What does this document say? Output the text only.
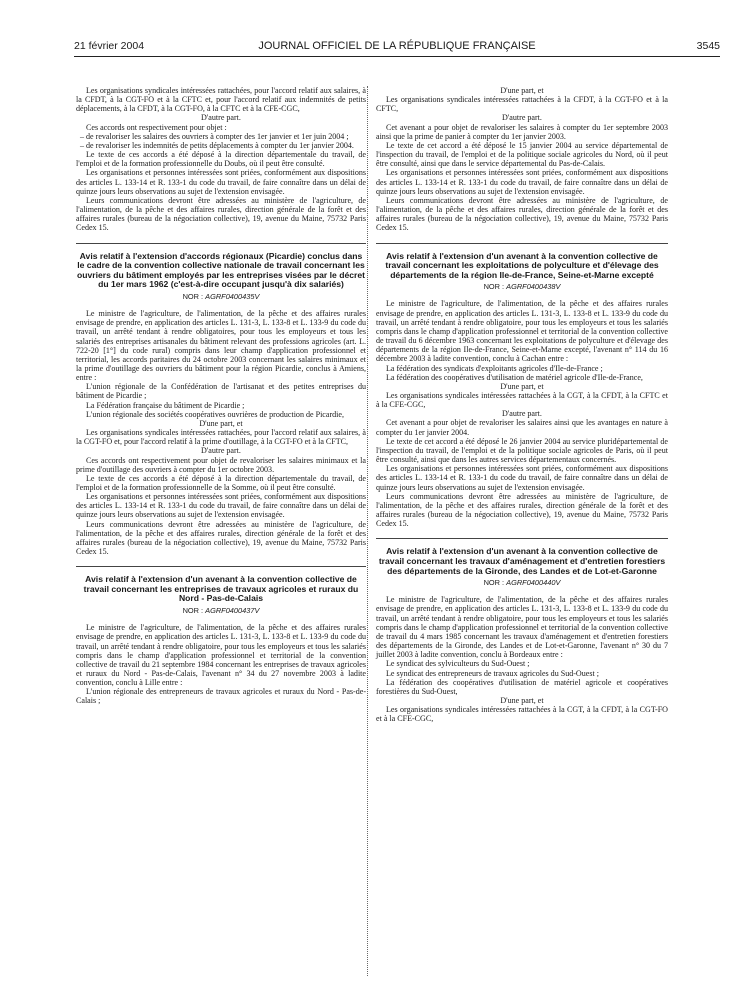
21 février 2004	JOURNAL OFFICIEL DE LA RÉPUBLIQUE FRANÇAISE	3545

Les organisations syndicales intéressées rattachées, pour l'accord relatif aux salaires, à la CFDT, à la CGT-FO et à la CFTC et, pour l'accord relatif aux indemnités de petits déplacements, à la CFDT, à la CGT-FO, à la CFTC et à la CFE-CGC,

D'autre part.

Ces accords ont respectivement pour objet :

– de revaloriser les salaires des ouvriers à compter des 1er janvier et 1er juin 2004 ;

– de revaloriser les indemnités de petits déplacements à compter du 1er janvier 2004.

Le texte de ces accords a été déposé à la direction départementale du travail, de l'emploi et de la formation professionnelle du Doubs, où il peut être consulté.

Les organisations et personnes intéressées sont priées, conformément aux dispositions des articles L. 133-14 et R. 133-1 du code du travail, de faire connaître dans un délai de quinze jours leurs observations au sujet de l'extension envisagée.

Leurs communications devront être adressées au ministère de l'agriculture, de l'alimentation, de la pêche et des affaires rurales, direction générale de la forêt et des affaires rurales (bureau de la négociation collective), 19, avenue du Maine, 75732 Paris Cedex 15.

Avis relatif à l'extension d'accords régionaux (Picardie) conclus dans le cadre de la convention collective nationale de travail concernant les ouvriers du bâtiment employés par les entreprises visées par le décret du 1er mars 1962 (c'est-à-dire occupant jusqu'à dix salariés)
NOR : AGRF0400435V

Le ministre de l'agriculture, de l'alimentation, de la pêche et des affaires rurales envisage de prendre, en application des articles L. 131-3, L. 133-8 et L. 133-9 du code du travail, un arrêté tendant à rendre obligatoires, pour tous les employeurs et tous les salariés des entreprises artisanales du bâtiment relevant des professions agricoles (art. L. 722-20 [1°] du code rural) compris dans leur champ d'application professionnel et territorial, les accords paritaires du 24 octobre 2003 concernant les salaires minimaux et la prime d'outillage des ouvriers du bâtiment pour la région Picardie, conclus à Amiens, entre :

L'union régionale de la Confédération de l'artisanat et des petites entreprises du bâtiment de Picardie ;

La Fédération française du bâtiment de Picardie ;

L'union régionale des sociétés coopératives ouvrières de production de Picardie,

D'une part, et

Les organisations syndicales intéressées rattachées, pour l'accord relatif aux salaires, à la CGT-FO et, pour l'accord relatif à la prime d'outillage, à la CGT-FO et à la CFTC,

D'autre part.

Ces accords ont respectivement pour objet de revaloriser les salaires minimaux et la prime d'outillage des ouvriers à compter du 1er octobre 2003.

Le texte de ces accords a été déposé à la direction départementale du travail, de l'emploi et de la formation professionnelle de la Somme, où il peut être consulté.

Les organisations et personnes intéressées sont priées, conformément aux dispositions des articles L. 133-14 et R. 133-1 du code du travail, de faire connaître dans un délai de quinze jours leurs observations au sujet de l'extension envisagée.

Leurs communications devront être adressées au ministère de l'agriculture, de l'alimentation, de la pêche et des affaires rurales, direction générale de la forêt et des affaires rurales (bureau de la négociation collective), 19, avenue du Maine, 75732 Paris Cedex 15.

Avis relatif à l'extension d'un avenant à la convention collective de travail concernant les entreprises de travaux agricoles et ruraux du Nord - Pas-de-Calais
NOR : AGRF0400437V

Le ministre de l'agriculture, de l'alimentation, de la pêche et des affaires rurales envisage de prendre, en application des articles L. 131-3, L. 133-8 et L. 133-9 du code du travail, un arrêté tendant à rendre obligatoire, pour tous les employeurs et tous les salariés compris dans le champ d'application professionnel et territorial de la convention collective de travail du 21 septembre 1984 concernant les entreprises de travaux agricoles et ruraux du Nord - Pas-de-Calais, l'avenant n° 34 du 27 novembre 2003 à ladite convention, conclu à Lille entre :

L'union régionale des entrepreneurs de travaux agricoles et ruraux du Nord - Pas-de-Calais ;

D'une part, et

Les organisations syndicales intéressées rattachées à la CFDT, à la CGT-FO et à la CFTC,

D'autre part.

Cet avenant a pour objet de revaloriser les salaires à compter du 1er septembre 2003 ainsi que la prime de panier à compter du 1er janvier 2003.

Le texte de cet accord a été déposé le 15 janvier 2004 au service départemental de l'inspection du travail, de l'emploi et de la politique sociale agricoles du Nord, où il peut être consulté, ainsi que dans le service départemental du Pas-de-Calais.

Les organisations et personnes intéressées sont priées, conformément aux dispositions des articles L. 133-14 et R. 133-1 du code du travail, de faire connaître dans un délai de quinze jours leurs observations au sujet de l'extension envisagée.

Leurs communications devront être adressées au ministère de l'agriculture, de l'alimentation, de la pêche et des affaires rurales, direction générale de la forêt et des affaires rurales (bureau de la négociation collective), 19, avenue du Maine, 75732 Paris Cedex 15.

Avis relatif à l'extension d'un avenant à la convention collective de travail concernant les exploitations de polyculture et d'élevage des départements de la région Ile-de-France, Seine-et-Marne excepté
NOR : AGRF0400438V

Le ministre de l'agriculture, de l'alimentation, de la pêche et des affaires rurales envisage de prendre, en application des articles L. 131-3, L. 133-8 et L. 133-9 du code du travail, un arrêté tendant à rendre obligatoire, pour tous les employeurs et tous les salariés compris dans le champ d'application professionnel et territorial de la convention collective de travail du 6 décembre 1963 concernant les exploitations de polyculture et d'élevage des départements de la région Ile-de-France, Seine-et-Marne excepté, l'avenant n° 114 du 16 décembre 2003 à ladite convention, conclu à Cachan entre :

La fédération des syndicats d'exploitants agricoles d'Ile-de-France ;

La fédération des coopératives d'utilisation de matériel agricole d'Ile-de-France,

D'une part, et

Les organisations syndicales intéressées rattachées à la CGT, à la CFDT, à la CFTC et à la CFE-CGC,

D'autre part.

Cet avenant a pour objet de revaloriser les salaires ainsi que les avantages en nature à compter du 1er janvier 2004.

Le texte de cet accord a été déposé le 26 janvier 2004 au service pluridépartemental de l'inspection du travail, de l'emploi et de la politique sociale agricoles de Paris, où il peut être consulté, ainsi que dans les autres services départementaux concernés.

Les organisations et personnes intéressées sont priées, conformément aux dispositions des articles L. 133-14 et R. 133-1 du code du travail, de faire connaître dans un délai de quinze jours leurs observations au sujet de l'extension envisagée.

Leurs communications devront être adressées au ministère de l'agriculture, de l'alimentation, de la pêche et des affaires rurales, direction générale de la forêt et des affaires rurales (bureau de la négociation collective), 19, avenue du Maine, 75732 Paris Cedex 15.

Avis relatif à l'extension d'un avenant à la convention collective de travail concernant les travaux d'aménagement et d'entretien forestiers des départements de la Gironde, des Landes et de Lot-et-Garonne
NOR : AGRF0400440V

Le ministre de l'agriculture, de l'alimentation, de la pêche et des affaires rurales envisage de prendre, en application des articles L. 131-3, L. 133-8 et L. 133-9 du code du travail, un arrêté tendant à rendre obligatoire, pour tous les employeurs et tous les salariés compris dans le champ d'application professionnel et territorial de la convention collective de travail du 4 mars 1985 concernant les travaux d'aménagement et d'entretien forestiers des départements de la Gironde, des Landes et de Lot-et-Garonne, l'avenant n° 30 du 7 juillet 2003 à ladite convention, conclu à Bordeaux entre :

Le syndicat des sylviculteurs du Sud-Ouest ;

Le syndicat des entrepreneurs de travaux agricoles du Sud-Ouest ;

La fédération des coopératives d'utilisation de matériel agricole et coopératives forestières du Sud-Ouest,

D'une part, et

Les organisations syndicales intéressées rattachées à la CGT, à la CFDT, à la CGT-FO et à la CFE-CGC,
